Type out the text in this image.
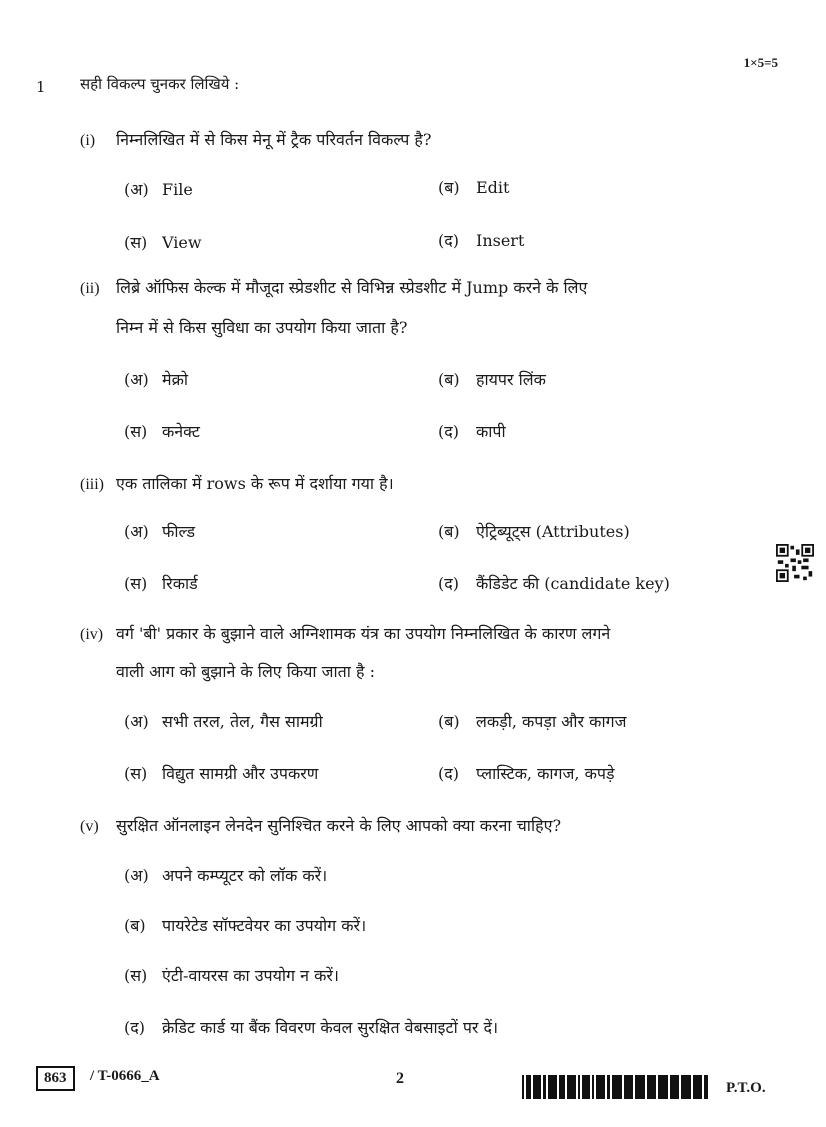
1×5=5
1 सही विकल्प चुनकर लिखिये :
(i) निम्नलिखित में से किस मेनू में ट्रैक परिवर्तन विकल्प है?
(अ) File	(ब) Edit
(स) View	(द) Insert
(ii) लिब्रे ऑफिस केल्क में मौजूदा स्प्रेडशीट से विभिन्न स्प्रेडशीट में Jump करने के लिए
निम्न में से किस सुविधा का उपयोग किया जाता है?
(अ) मेक्रो	(ब) हायपर लिंक
(स) कनेक्ट	(द) कापी
(iii) एक तालिका में rows के रूप में दर्शाया गया है।
(अ) फील्ड	(ब) ऐट्रिब्यूट्स (Attributes)
(स) रिकार्ड	(द) कैंडिडेट की (candidate key)
(iv) वर्ग 'बी' प्रकार के बुझाने वाले अग्निशामक यंत्र का उपयोग निम्नलिखित के कारण लगने
वाली आग को बुझाने के लिए किया जाता है :
(अ) सभी तरल, तेल, गैस सामग्री	(ब) लकड़ी, कपड़ा और कागज
(स) विद्युत सामग्री और उपकरण	(द) प्लास्टिक, कागज, कपड़े
(v) सुरक्षित ऑनलाइन लेनदेन सुनिश्चित करने के लिए आपको क्या करना चाहिए?
(अ) अपने कम्प्यूटर को लॉक करें।
(ब) पायरेटेड सॉफ्टवेयर का उपयोग करें।
(स) एंटी-वायरस का उपयोग न करें।
(द) क्रेडिट कार्ड या बैंक विवरण केवल सुरक्षित वेबसाइटों पर दें।
863	/ T-0666_A	2
P.T.O.
